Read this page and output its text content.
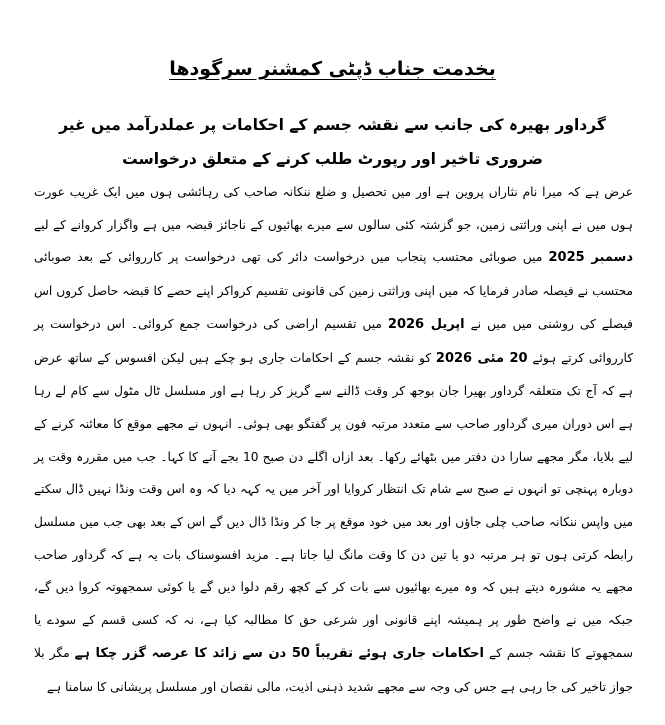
بخدمت جناب ڈپٹی کمشنر سرگودھا

گرداور بھیرہ کی جانب سے نقشہ جسم کے احکامات پر عملدرآمد میں غیر ضروری تاخیر اور رپورٹ طلب کرنے کے متعلق درخواست

عرض ہے کہ میرا نام نثاراں پروین ہے اور میں تحصیل و ضلع ننکانہ صاحب کی رہائشی ہوں میں ایک غریب عورت ہوں میں نے اپنی وراثتی زمین، جو گزشتہ کئی سالوں سے میرے بھائیوں کے ناجائز قبضہ میں ہے واگزار کروانے کے لیے دسمبر 2025 میں صوبائی محتسب پنجاب میں درخواست دائر کی تھی درخواست پر کارروائی کے بعد صوبائی محتسب نے فیصلہ صادر فرمایا کہ میں اپنی وراثتی زمین کی قانونی تقسیم کرواکر اپنے حصے کا قبضہ حاصل کروں اس فیصلے کی روشنی میں میں نے اپریل 2026 میں تقسیم اراضی کی درخواست جمع کروائی۔ اس درخواست پر کارروائی کرتے ہوئے 20 مئی 2026 کو نقشہ جسم کے احکامات جاری ہو چکے ہیں لیکن افسوس کے ساتھ عرض ہے کہ آج تک متعلقہ گرداور بھیرا جان بوجھ کر وقت ڈالنے سے گریز کر رہا ہے اور مسلسل ٹال مٹول سے کام لے رہا ہے اس دوران میری گرداور صاحب سے متعدد مرتبہ فون پر گفتگو بھی ہوئی۔ انہوں نے مجھے موقع کا معائنہ کرنے کے لیے بلایا، مگر مجھے سارا دن دفتر میں بٹھائے رکھا۔ بعد ازاں اگلے دن صبح 10 بجے آنے کا کہا۔ جب میں مقررہ وقت پر دوبارہ پہنچی تو انہوں نے صبح سے شام تک انتظار کروایا اور آخر میں یہ کہہ دیا کہ وہ اس وقت ونڈا نہیں ڈال سکتے میں واپس ننکانہ صاحب چلی جاؤں اور بعد میں خود موقع پر جا کر ونڈا ڈال دیں گے اس کے بعد بھی جب میں مسلسل رابطہ کرتی ہوں تو ہر مرتبہ دو یا تین دن کا وقت مانگ لیا جاتا ہے۔ مزید افسوسناک بات یہ ہے کہ گرداور صاحب مجھے یہ مشورہ دیتے ہیں کہ وہ میرے بھائیوں سے بات کر کے کچھ رقم دلوا دیں گے یا کوئی سمجھوتہ کروا دیں گے، جبکہ میں نے واضح طور پر ہمیشہ اپنے قانونی اور شرعی حق کا مطالبہ کیا ہے، نہ کہ کسی قسم کے سودے یا سمجھوتے کا نقشہ جسم کے احکامات جاری ہوئے تقریباً 50 دن سے زائد کا عرصہ گزر چکا ہے مگر بلا جواز تاخیر کی جا رہی ہے جس کی وجہ سے مجھے شدید ذہنی اذیت، مالی نقصان اور مسلسل پریشانی کا سامنا ہے
